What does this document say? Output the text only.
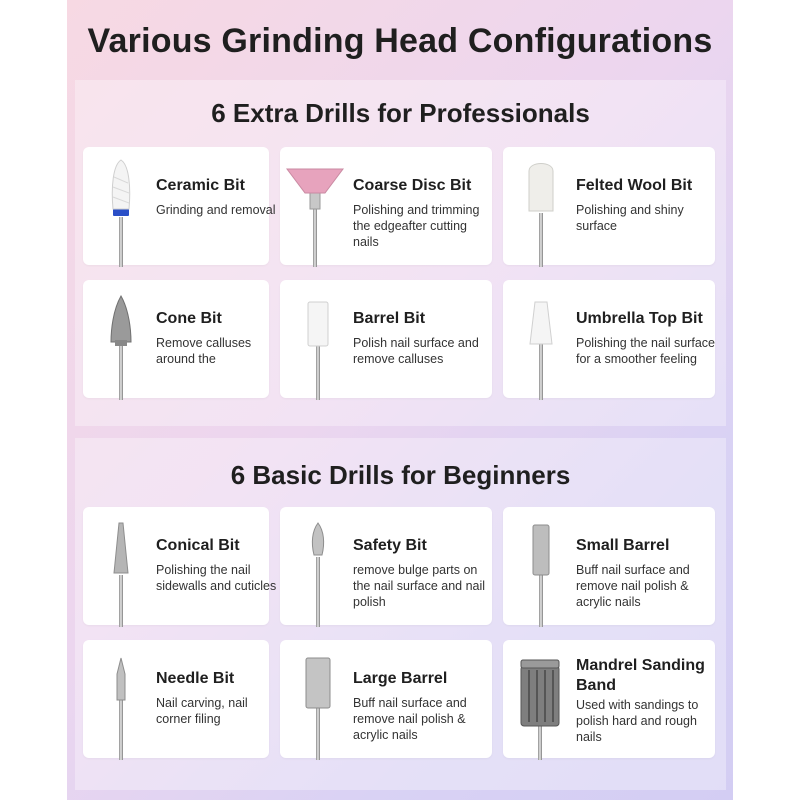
Various Grinding Head Configurations
6 Extra Drills for Professionals
Ceramic Bit
Grinding and removal
Coarse Disc Bit
Polishing and trimming the edgeafter cutting nails
Felted Wool Bit
Polishing and shiny surface
Cone Bit
Remove calluses around the
Barrel Bit
Polish nail surface and remove calluses
Umbrella Top Bit
Polishing the nail surface for a smoother feeling
6 Basic Drills for Beginners
Conical Bit
Polishing the nail sidewalls and cuticles
Safety Bit
remove bulge parts on the nail surface and nail polish
Small Barrel
Buff nail surface and remove nail polish & acrylic nails
Needle Bit
Nail carving, nail corner filing
Large Barrel
Buff nail surface and remove nail polish & acrylic nails
Mandrel Sanding Band
Used with sandings to polish hard and rough nails
